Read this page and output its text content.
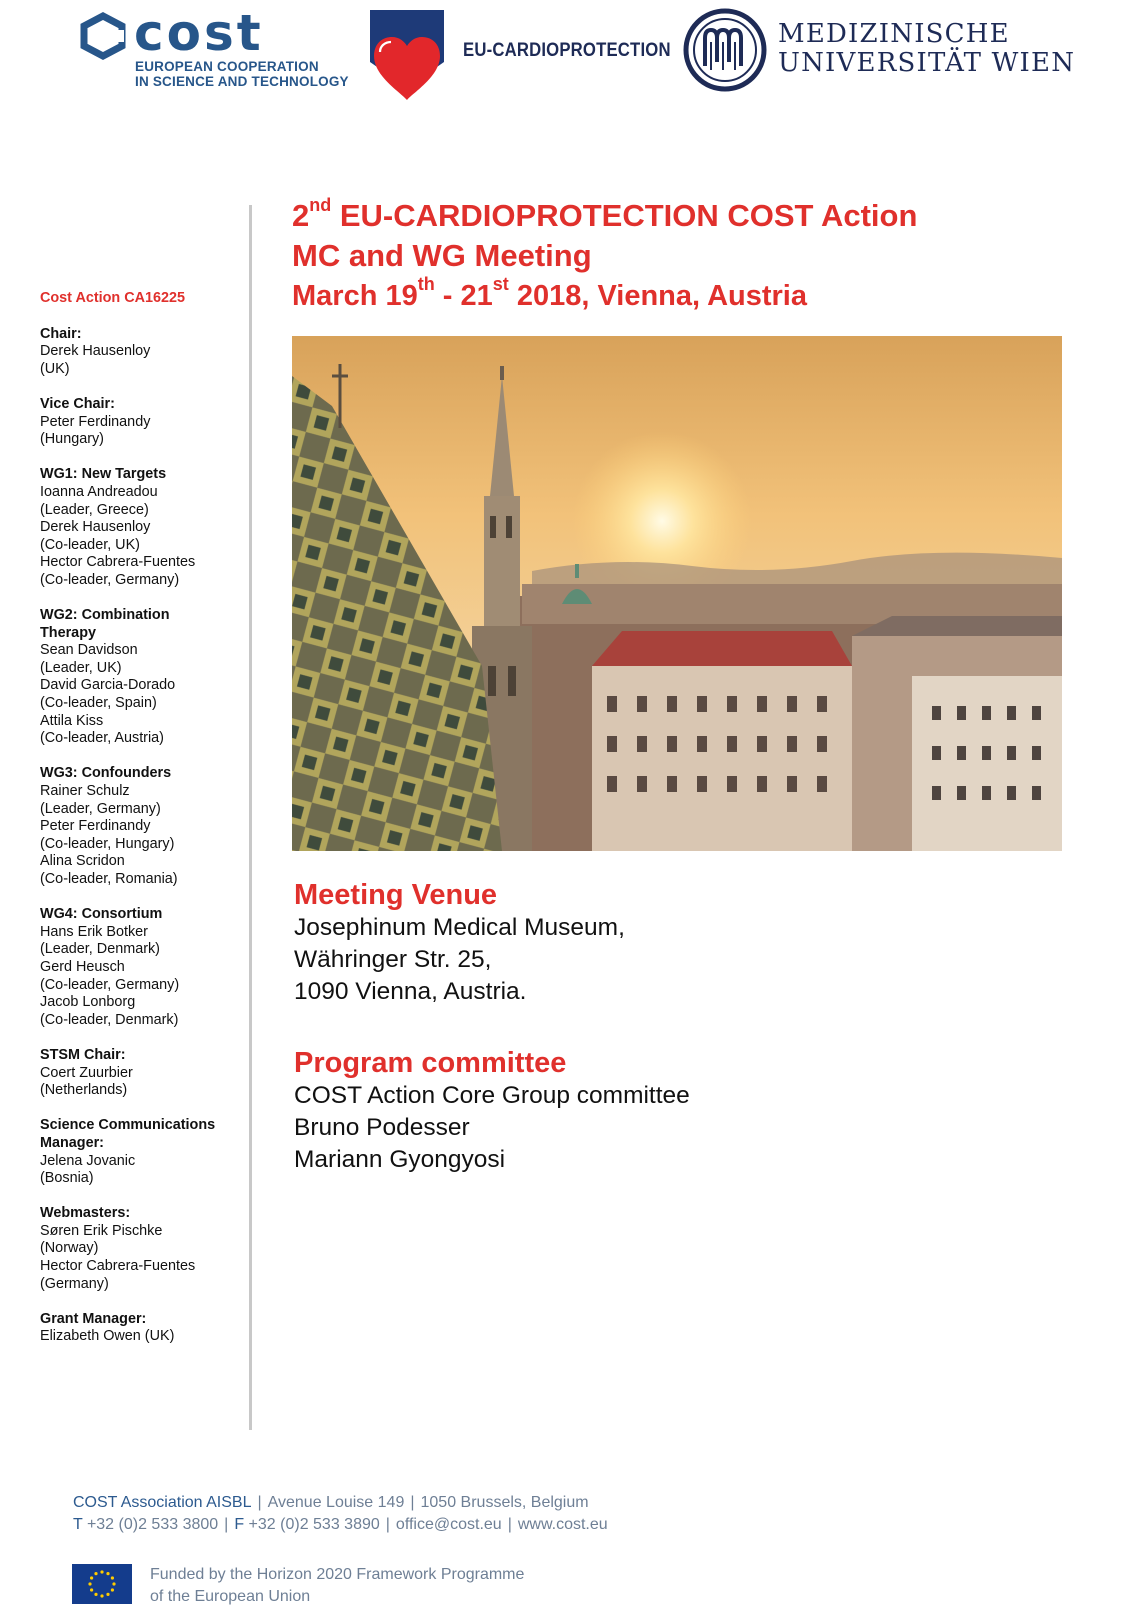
cost
EUROPEAN COOPERATION
IN SCIENCE AND TECHNOLOGY
EU-CARDIOPROTECTION
MEDIZINISCHE
UNIVERSITÄT WIEN
Cost Action CA16225
Chair:
Derek Hausenloy
(UK)
Vice Chair:
Peter Ferdinandy
(Hungary)
WG1: New Targets
Ioanna Andreadou
(Leader, Greece)
Derek Hausenloy
(Co-leader, UK)
Hector Cabrera-Fuentes
(Co-leader, Germany)
WG2: Combination Therapy
Sean Davidson
(Leader, UK)
David Garcia-Dorado
(Co-leader, Spain)
Attila Kiss
(Co-leader, Austria)
WG3: Confounders
Rainer Schulz
(Leader, Germany)
Peter Ferdinandy
(Co-leader, Hungary)
Alina Scridon
(Co-leader, Romania)
WG4: Consortium
Hans Erik Botker
(Leader, Denmark)
Gerd Heusch
(Co-leader, Germany)
Jacob Lonborg
(Co-leader, Denmark)
STSM Chair:
Coert Zuurbier
(Netherlands)
Science Communications Manager:
Jelena Jovanic
(Bosnia)
Webmasters:
Søren Erik Pischke
(Norway)
Hector Cabrera-Fuentes
(Germany)
Grant Manager:
Elizabeth Owen (UK)
2nd EU-CARDIOPROTECTION COST Action
MC and WG Meeting
March 19th - 21st 2018, Vienna, Austria
Meeting Venue
Josephinum Medical Museum,
Währinger Str. 25,
1090 Vienna, Austria.
Program committee
COST Action Core Group committee
Bruno Podesser
Mariann Gyongyosi
COST Association AISBL | Avenue Louise 149 | 1050 Brussels, Belgium
T +32 (0)2 533 3800 | F +32 (0)2 533 3890 | office@cost.eu | www.cost.eu
Funded by the Horizon 2020 Framework Programme
of the European Union
